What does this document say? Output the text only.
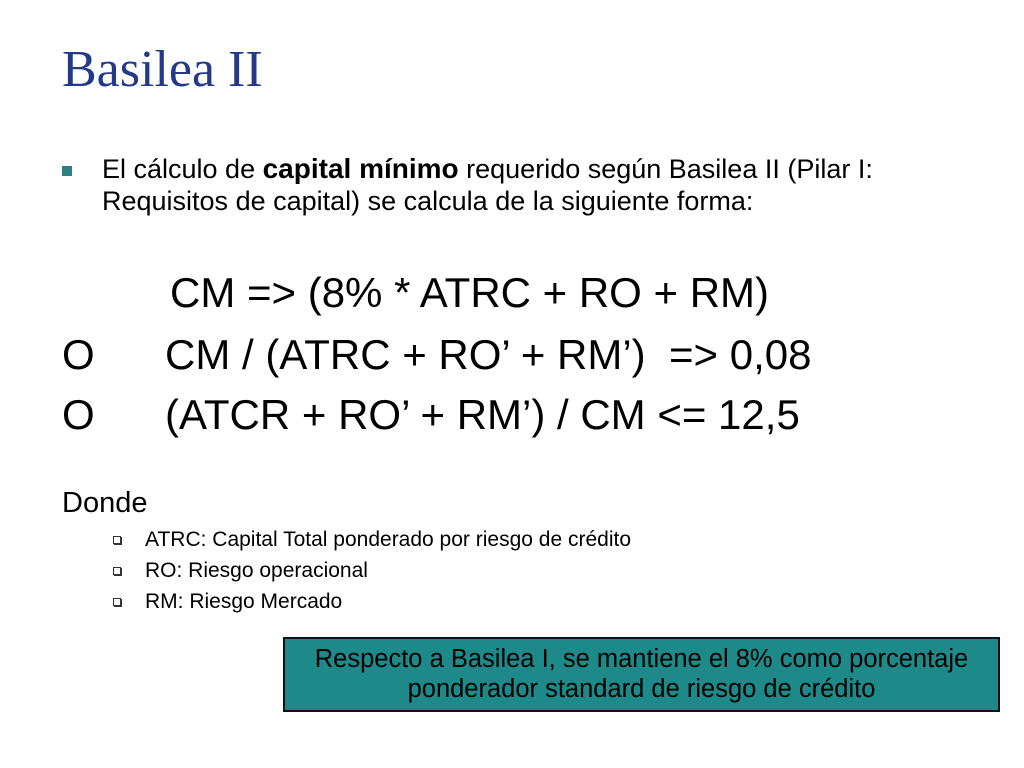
Basilea II

El cálculo de capital mínimo requerido según Basilea II (Pilar I:
Requisitos de capital) se calcula de la siguiente forma:

CM => (8% * ATRC + RO + RM)
O CM / (ATRC + RO’ + RM’)  => 0,08
O (ATCR + RO’ + RM’) / CM <= 12,5
Donde
ATRC: Capital Total ponderado por riesgo de crédito
RO: Riesgo operacional
RM: Riesgo Mercado
Respecto a Basilea I, se mantiene el 8% como porcentaje
ponderador standard de riesgo de crédito
